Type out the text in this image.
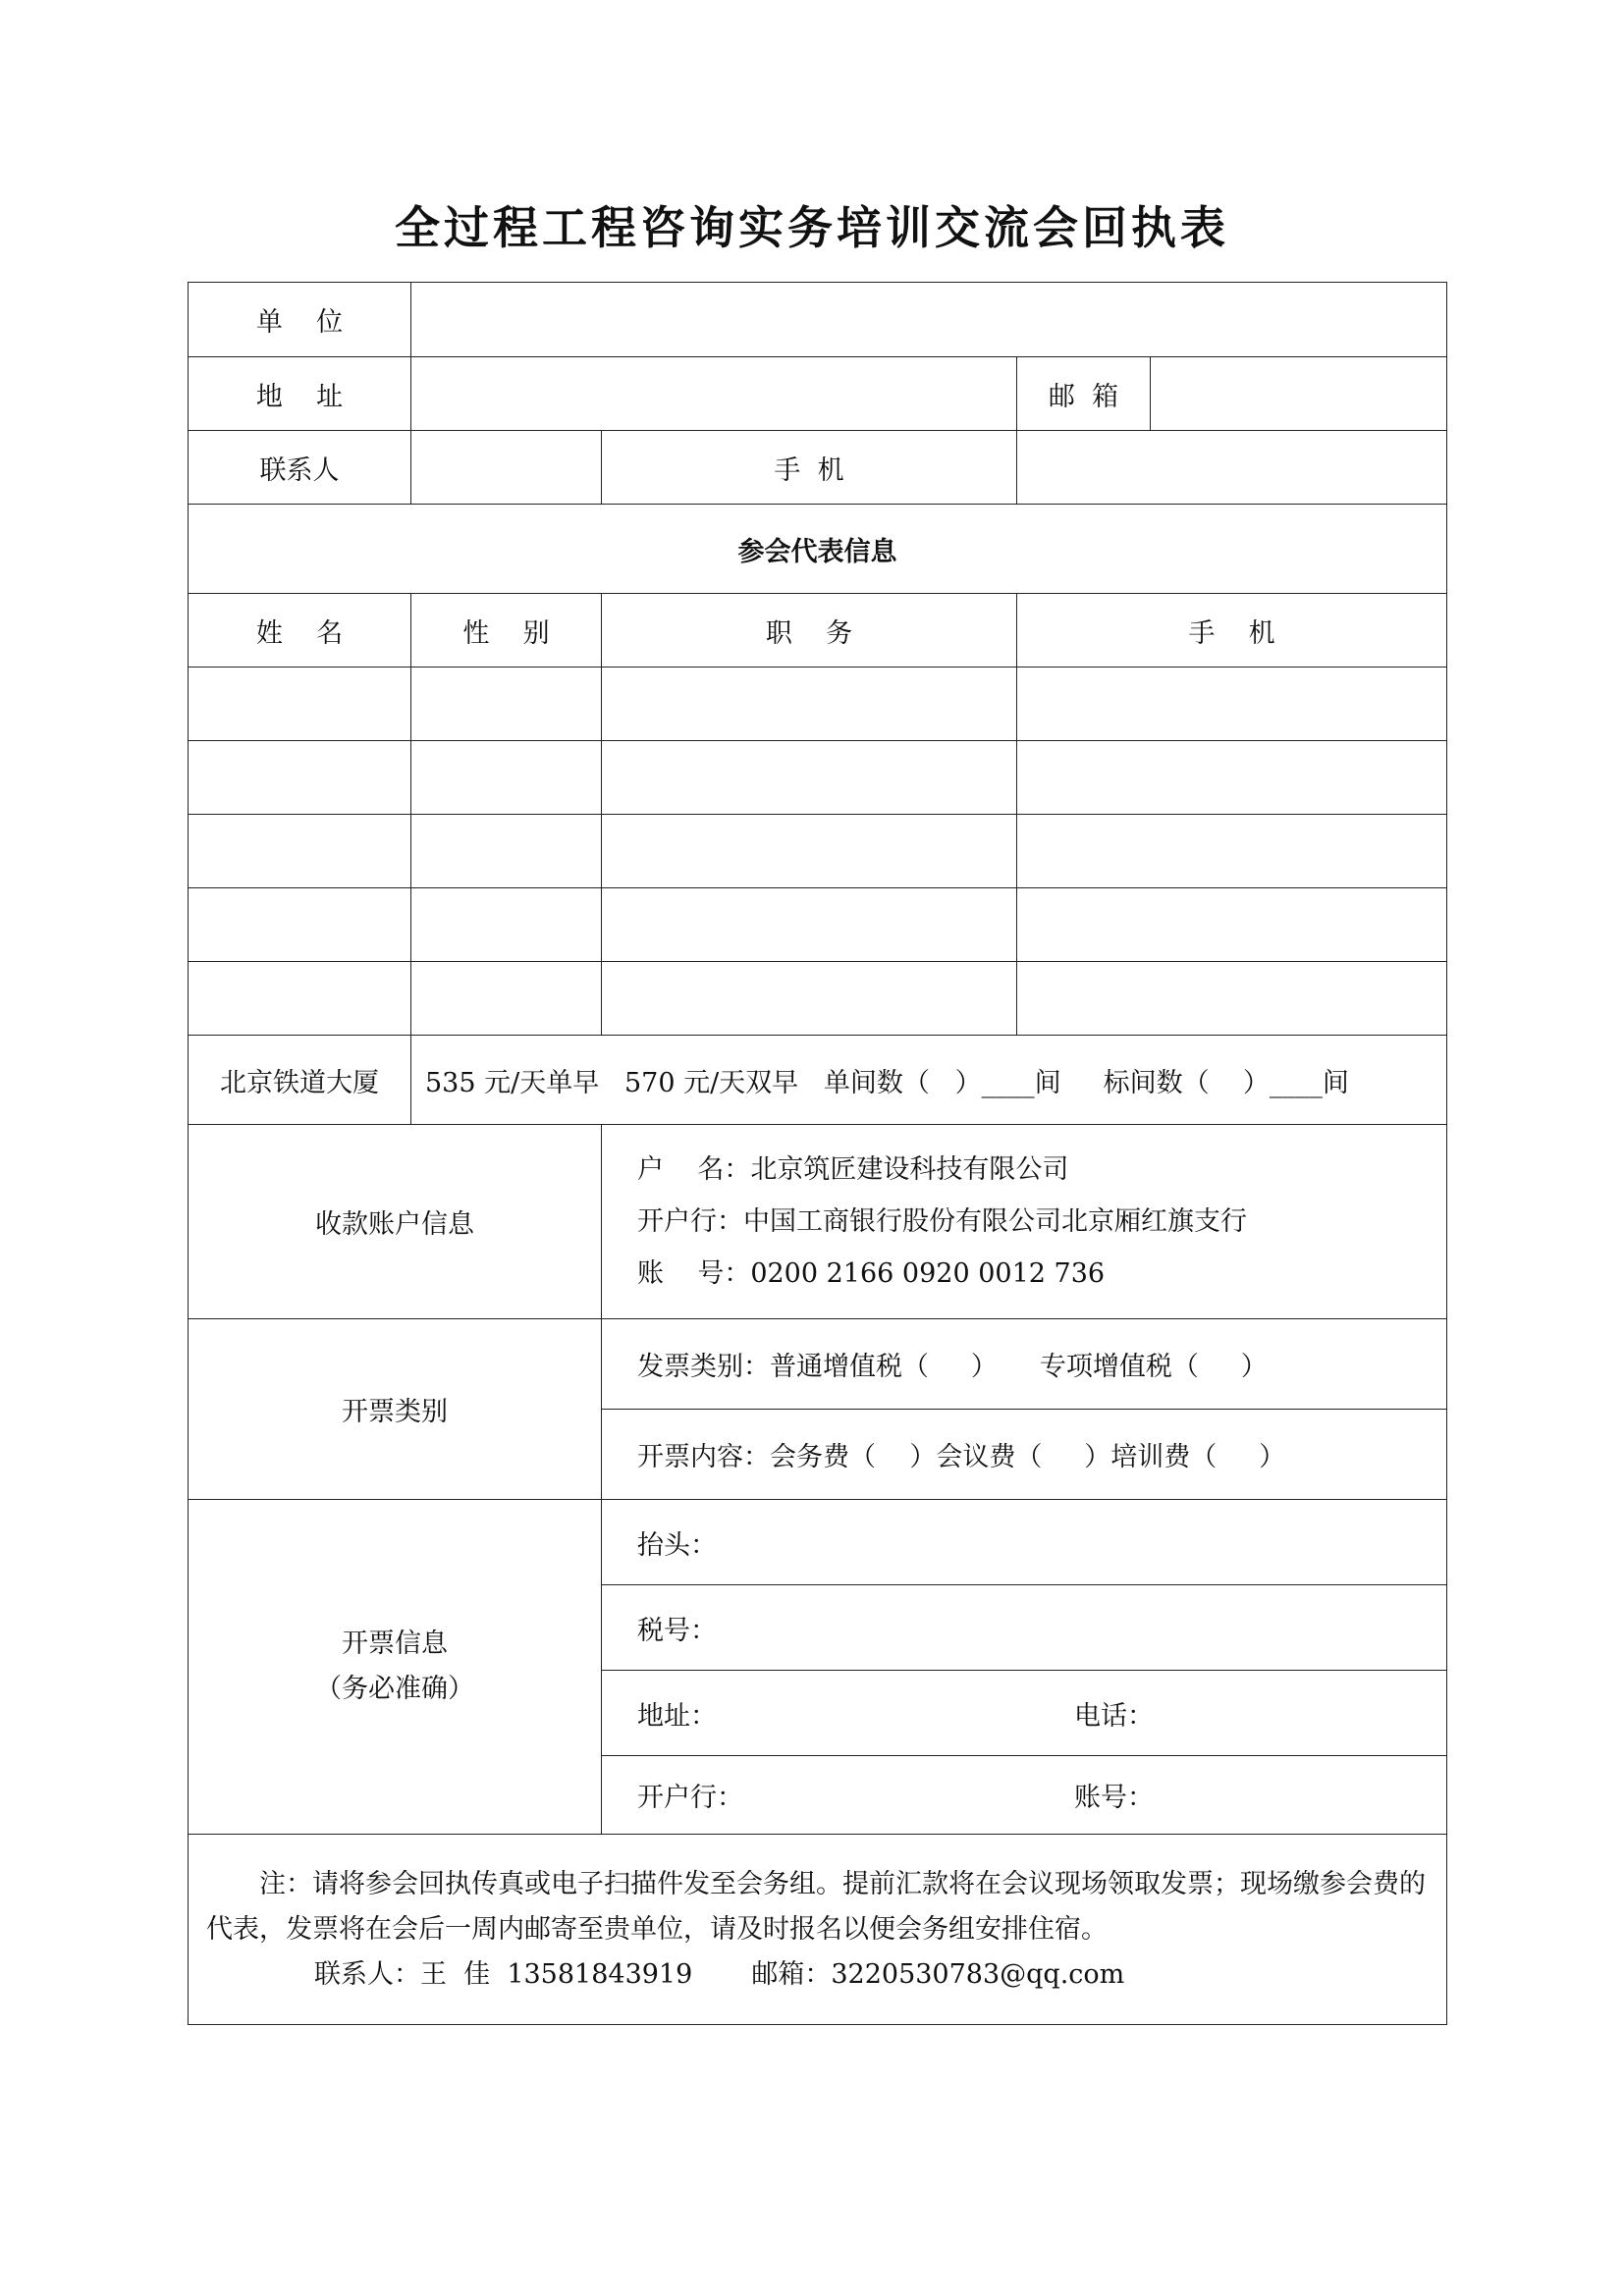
全过程工程咨询实务培训交流会回执表
单    位				
地    址			邮  箱	
联系人		手  机		
参会代表信息				
姓    名	性    别	职    务	手    机	

北京铁道大厦	535 元/天单早   570 元/天双早   单间数（   ）____间     标间数（    ）____间			
收款账户信息		户    名：北京筑匠建设科技有限公司
开户行：中国工商银行股份有限公司北京厢红旗支行
账    号：0200 2166 0920 0012 736		

开票类别		发票类别：普通增值税（     ）     专项增值税（     ）		
		开票内容：会务费（    ）会议费（     ）培训费（     ）		

开票信息
（务必准确）		抬头：		
		税号：		

		地址： 电话：		

		开户行： 账号：		

注：请将参会回执传真或电子扫描件发至会务组。提前汇款将在会议现场领取发票；现场缴参会费的代表，发票将在会后一周内邮寄至贵单位，请及时报名以便会务组安排住宿。
联系人：王  佳  13581843919       邮箱：3220530783@qq.com				
